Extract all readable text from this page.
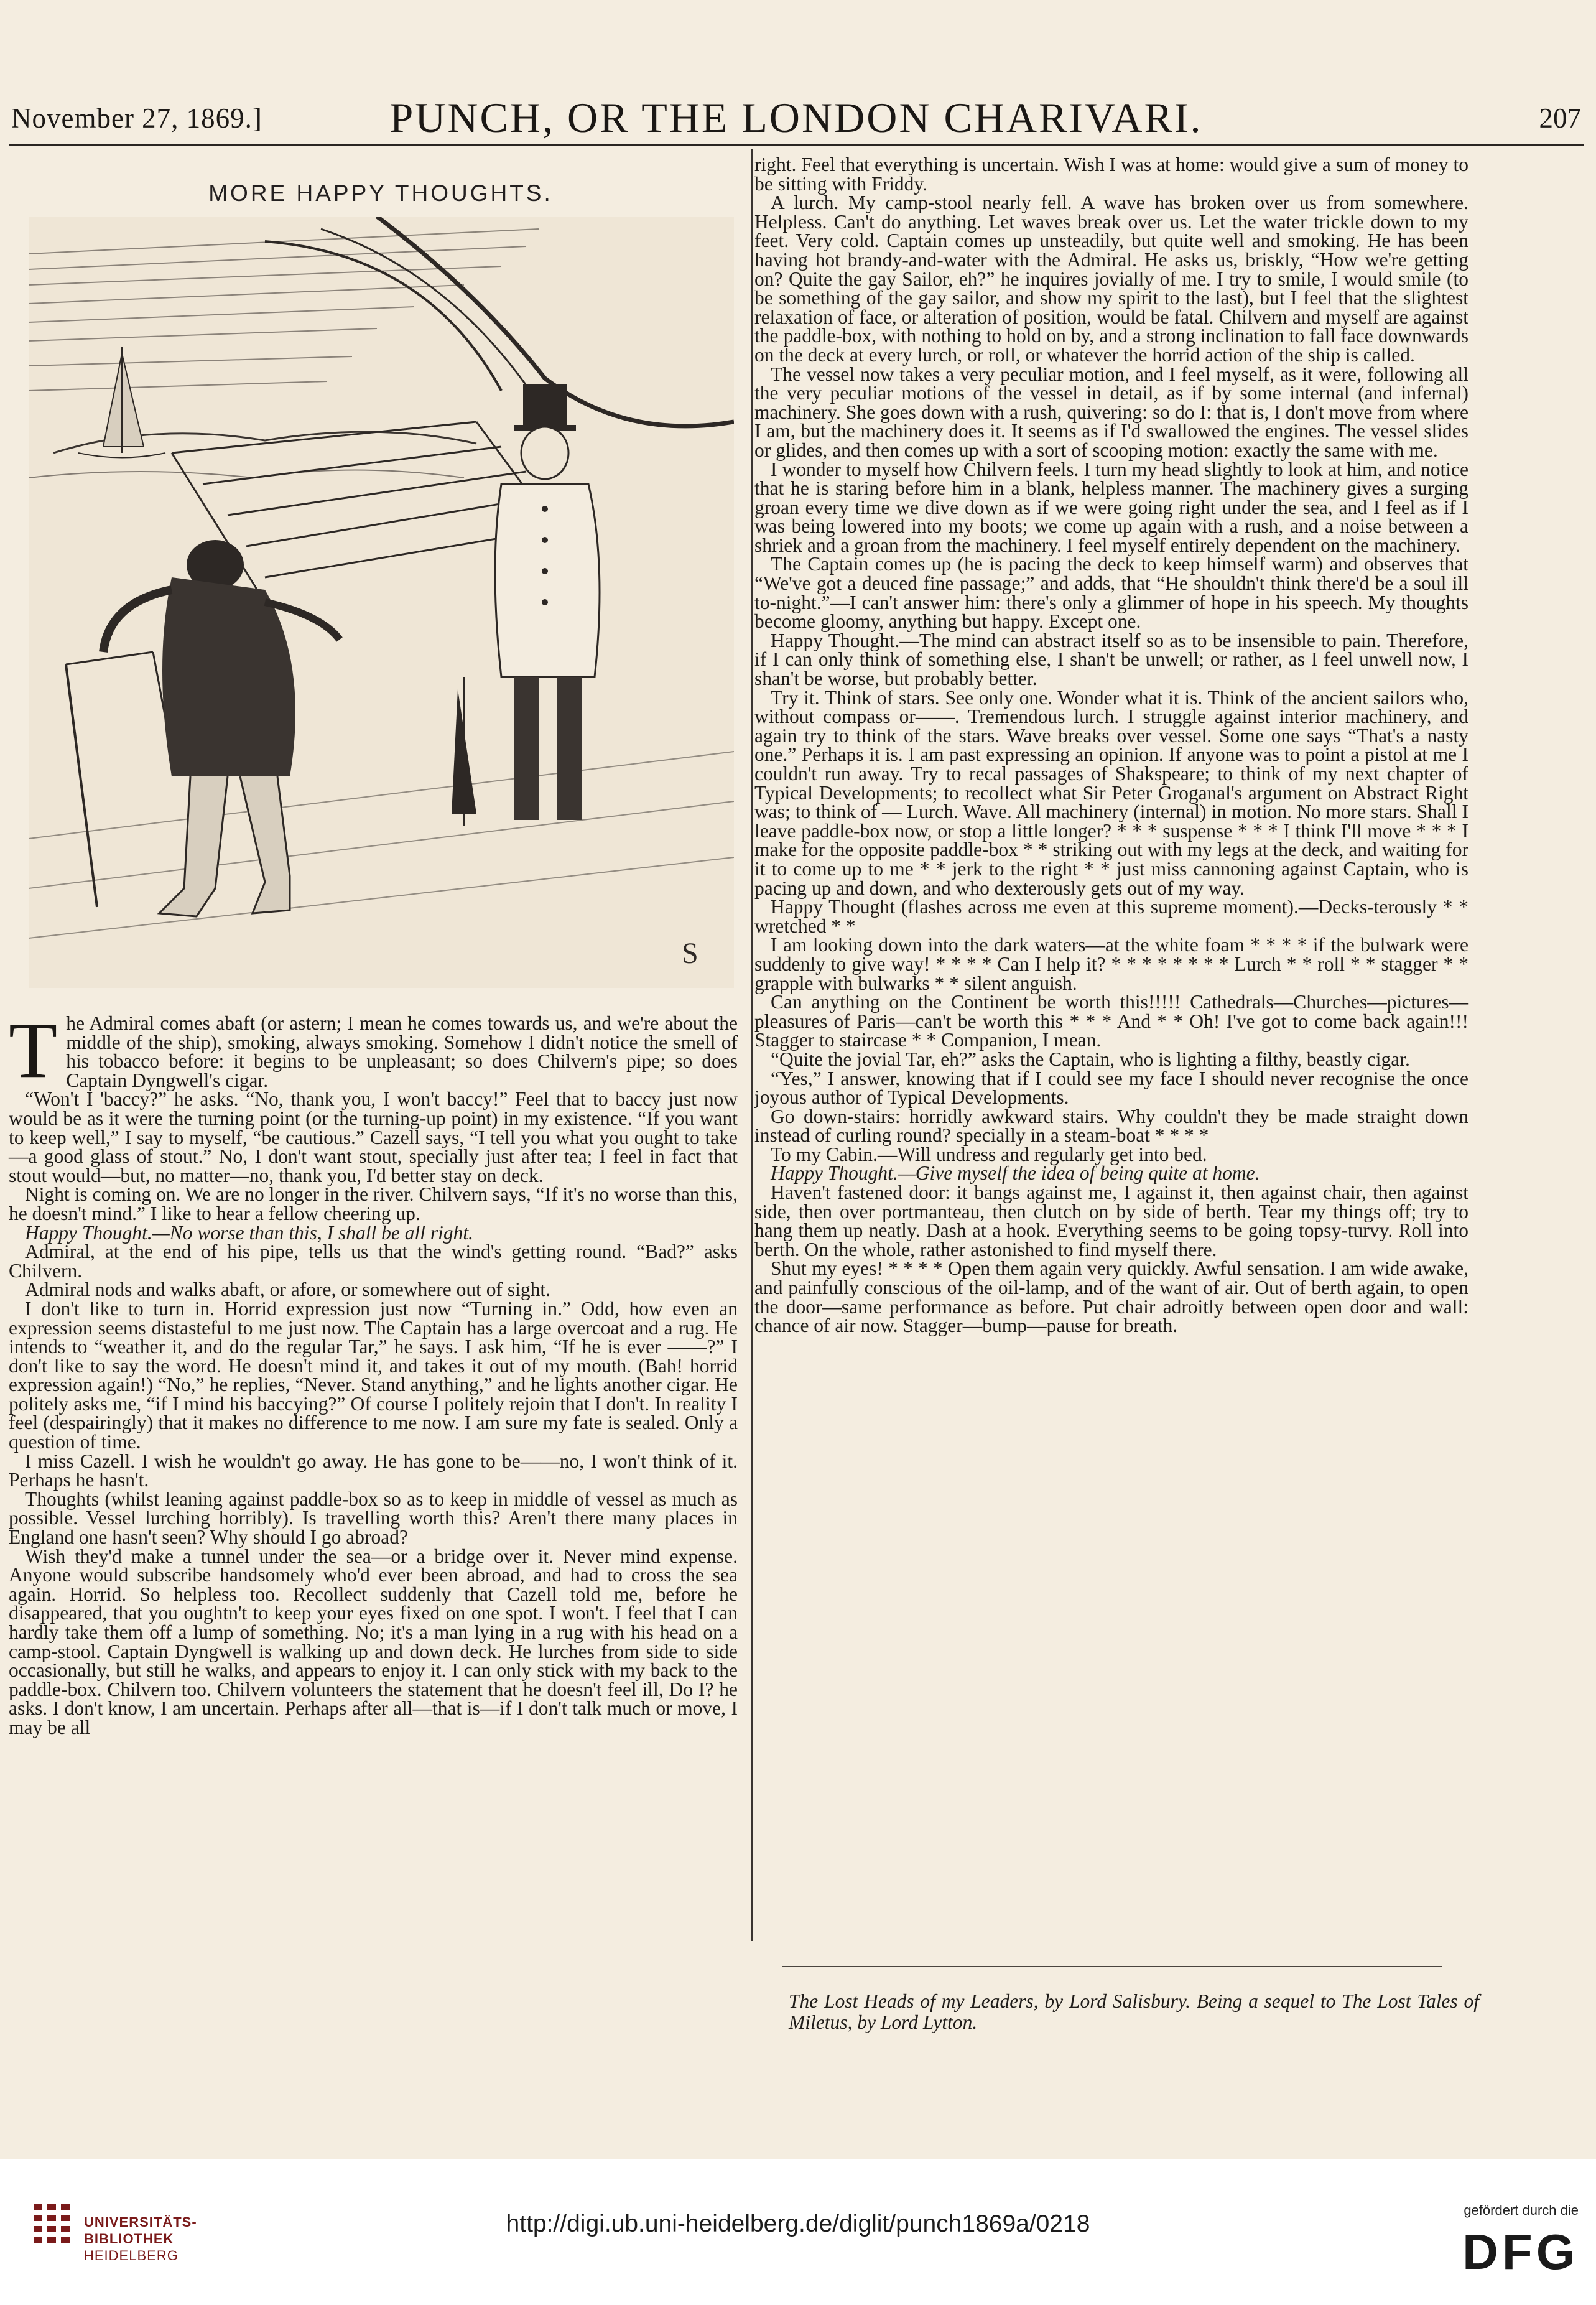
November 27, 1869.]	PUNCH, OR THE LONDON CHARIVARI.	207
MORE HAPPY THOUGHTS.
S
T he Admiral comes abaft (or astern; I mean he comes towards us, and we're about the middle of the ship), smoking, always smoking. Somehow I didn't notice the smell of his tobacco before: it begins to be unpleasant; so does Chilvern's pipe; so does Captain Dyngwell's cigar.

“Won't I 'baccy?” he asks. “No, thank you, I won't baccy!” Feel that to baccy just now would be as it were the turning point (or the turning-up point) in my existence. “If you want to keep well,” I say to myself, “be cautious.” Cazell says, “I tell you what you ought to take—a good glass of stout.” No, I don't want stout, specially just after tea; I feel in fact that stout would—but, no matter—no, thank you, I'd better stay on deck.

Night is coming on. We are no longer in the river. Chilvern says, “If it's no worse than this, he doesn't mind.” I like to hear a fellow cheering up.

Happy Thought.—No worse than this, I shall be all right.

Admiral, at the end of his pipe, tells us that the wind's getting round. “Bad?” asks Chilvern.

Admiral nods and walks abaft, or afore, or somewhere out of sight.

I don't like to turn in. Horrid expression just now “Turning in.” Odd, how even an expression seems distasteful to me just now. The Captain has a large overcoat and a rug. He intends to “weather it, and do the regular Tar,” he says. I ask him, “If he is ever ——?” I don't like to say the word. He doesn't mind it, and takes it out of my mouth. (Bah! horrid expression again!) “No,” he replies, “Never. Stand anything,” and he lights another cigar. He politely asks me, “if I mind his baccying?” Of course I politely rejoin that I don't. In reality I feel (despairingly) that it makes no difference to me now. I am sure my fate is sealed. Only a question of time.

I miss Cazell. I wish he wouldn't go away. He has gone to be——no, I won't think of it. Perhaps he hasn't.

Thoughts (whilst leaning against paddle-box so as to keep in middle of vessel as much as possible. Vessel lurching horribly). Is travelling worth this? Aren't there many places in England one hasn't seen? Why should I go abroad?

Wish they'd make a tunnel under the sea—or a bridge over it. Never mind expense. Anyone would subscribe handsomely who'd ever been abroad, and had to cross the sea again. Horrid. So helpless too. Recollect suddenly that Cazell told me, before he disappeared, that you oughtn't to keep your eyes fixed on one spot. I won't. I feel that I can hardly take them off a lump of something. No; it's a man lying in a rug with his head on a camp-stool. Captain Dyngwell is walking up and down deck. He lurches from side to side occasionally, but still he walks, and appears to enjoy it. I can only stick with my back to the paddle-box. Chilvern too. Chilvern volunteers the statement that he doesn't feel ill, Do I? he asks. I don't know, I am uncertain. Perhaps after all—that is—if I don't talk much or move, I may be all

right. Feel that everything is uncertain. Wish I was at home: would give a sum of money to be sitting with Friddy.

A lurch. My camp-stool nearly fell. A wave has broken over us from somewhere. Helpless. Can't do anything. Let waves break over us. Let the water trickle down to my feet. Very cold. Captain comes up unsteadily, but quite well and smoking. He has been having hot brandy-and-water with the Admiral. He asks us, briskly, “How we're getting on? Quite the gay Sailor, eh?” he inquires jovially of me. I try to smile, I would smile (to be something of the gay sailor, and show my spirit to the last), but I feel that the slightest relaxation of face, or alteration of position, would be fatal. Chilvern and myself are against the paddle-box, with nothing to hold on by, and a strong inclination to fall face downwards on the deck at every lurch, or roll, or whatever the horrid action of the ship is called.

The vessel now takes a very peculiar motion, and I feel myself, as it were, following all the very peculiar motions of the vessel in detail, as if by some internal (and infernal) machinery. She goes down with a rush, quivering: so do I: that is, I don't move from where I am, but the machinery does it. It seems as if I'd swallowed the engines. The vessel slides or glides, and then comes up with a sort of scooping motion: exactly the same with me.

I wonder to myself how Chilvern feels. I turn my head slightly to look at him, and notice that he is staring before him in a blank, helpless manner. The machinery gives a surging groan every time we dive down as if we were going right under the sea, and I feel as if I was being lowered into my boots; we come up again with a rush, and a noise between a shriek and a groan from the machinery. I feel myself entirely dependent on the machinery.

The Captain comes up (he is pacing the deck to keep himself warm) and observes that “We've got a deuced fine passage;” and adds, that “He shouldn't think there'd be a soul ill to-night.”—I can't answer him: there's only a glimmer of hope in his speech. My thoughts become gloomy, anything but happy. Except one.

Happy Thought.—The mind can abstract itself so as to be insensible to pain. Therefore, if I can only think of something else, I shan't be unwell; or rather, as I feel unwell now, I shan't be worse, but probably better.

Try it. Think of stars. See only one. Wonder what it is. Think of the ancient sailors who, without compass or——. Tremendous lurch. I struggle against interior machinery, and again try to think of the stars. Wave breaks over vessel. Some one says “That's a nasty one.” Perhaps it is. I am past expressing an opinion. If anyone was to point a pistol at me I couldn't run away. Try to recal passages of Shakspeare; to think of my next chapter of Typical Developments; to recollect what Sir Peter Groganal's argument on Abstract Right was; to think of — Lurch. Wave. All machinery (internal) in motion. No more stars. Shall I leave paddle-box now, or stop a little longer? * * * suspense * * * I think I'll move * * * I make for the opposite paddle-box * * striking out with my legs at the deck, and waiting for it to come up to me * * jerk to the right * * just miss cannoning against Captain, who is pacing up and down, and who dexterously gets out of my way.

Happy Thought (flashes across me even at this supreme moment).—Decks-terously * * wretched * *

I am looking down into the dark waters—at the white foam * * * * if the bulwark were suddenly to give way! * * * * Can I help it? * * * * * * * * Lurch * * roll * * stagger * * grapple with bulwarks * * silent anguish.

Can anything on the Continent be worth this!!!!! Cathedrals—Churches—pictures—pleasures of Paris—can't be worth this * * * And * * Oh! I've got to come back again!!! Stagger to staircase * * Companion, I mean.

“Quite the jovial Tar, eh?” asks the Captain, who is lighting a filthy, beastly cigar.

“Yes,” I answer, knowing that if I could see my face I should never recognise the once joyous author of Typical Developments.

Go down-stairs: horridly awkward stairs. Why couldn't they be made straight down instead of curling round? specially in a steam-boat * * * *

To my Cabin.—Will undress and regularly get into bed.

Happy Thought.—Give myself the idea of being quite at home.

Haven't fastened door: it bangs against me, I against it, then against chair, then against side, then over portmanteau, then clutch on by side of berth. Tear my things off; try to hang them up neatly. Dash at a hook. Everything seems to be going topsy-turvy. Roll into berth. On the whole, rather astonished to find myself there.

Shut my eyes! * * * * Open them again very quickly. Awful sensation. I am wide awake, and painfully conscious of the oil-lamp, and of the want of air. Out of berth again, to open the door—same performance as before. Put chair adroitly between open door and wall: chance of air now. Stagger—bump—pause for breath.

The Lost Heads of my Leaders, by Lord Salisbury. Being a sequel to The Lost Tales of Miletus, by Lord Lytton.
UNIVERSITÄTS-
BIBLIOTHEK
HEIDELBERG
http://digi.ub.uni-heidelberg.de/diglit/punch1869a/0218
gefördert durch die
DFG
